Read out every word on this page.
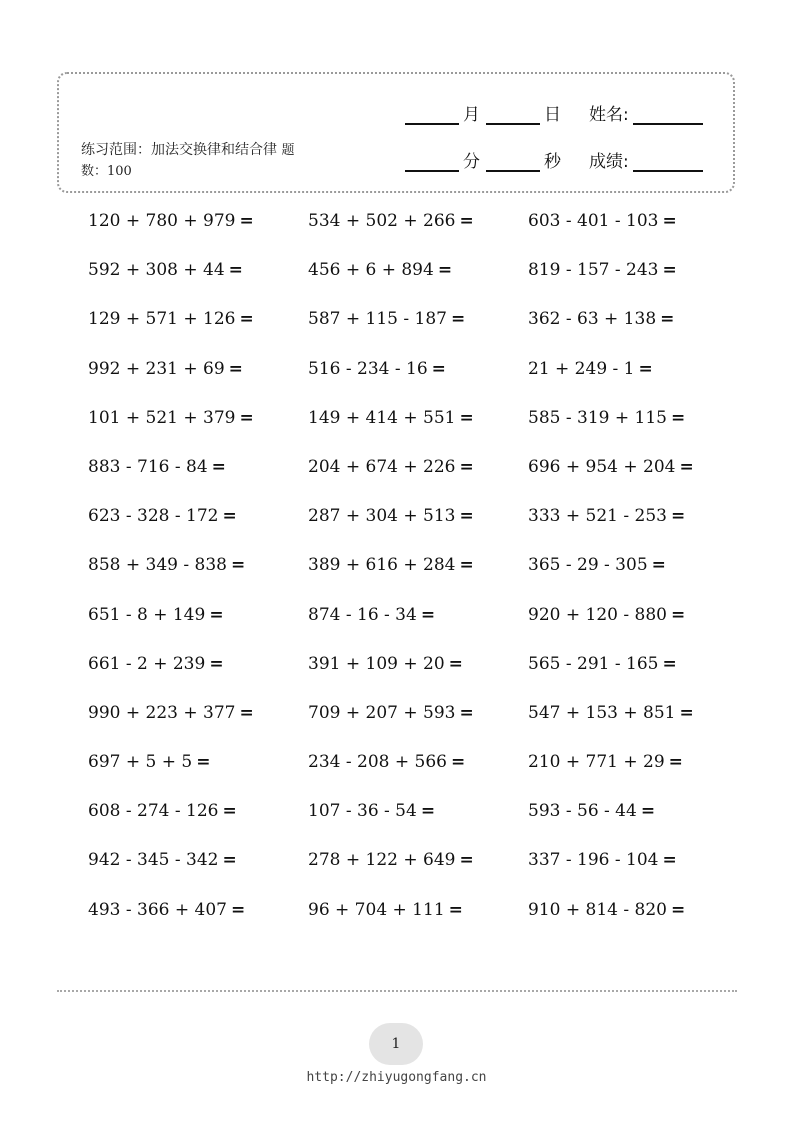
练习范围：加法交换律和结合律 题数：100
月	日 姓名:
分	秒 成绩:
120 + 780 + 979 =	534 + 502 + 266 =	603 - 401 - 103 =
592 + 308 + 44 =	456 + 6 + 894 =	819 - 157 - 243 =
129 + 571 + 126 =	587 + 115 - 187 =	362 - 63 + 138 =
992 + 231 + 69 =	516 - 234 - 16 =	21 + 249 - 1 =
101 + 521 + 379 =	149 + 414 + 551 =	585 - 319 + 115 =
883 - 716 - 84 =	204 + 674 + 226 =	696 + 954 + 204 =
623 - 328 - 172 =	287 + 304 + 513 =	333 + 521 - 253 =
858 + 349 - 838 =	389 + 616 + 284 =	365 - 29 - 305 =
651 - 8 + 149 =	874 - 16 - 34 =	920 + 120 - 880 =
661 - 2 + 239 =	391 + 109 + 20 =	565 - 291 - 165 =
990 + 223 + 377 =	709 + 207 + 593 =	547 + 153 + 851 =
697 + 5 + 5 =	234 - 208 + 566 =	210 + 771 + 29 =
608 - 274 - 126 =	107 - 36 - 54 =	593 - 56 - 44 =
942 - 345 - 342 =	278 + 122 + 649 =	337 - 196 - 104 =
493 - 366 + 407 =	96 + 704 + 111 =	910 + 814 - 820 =
1
http://zhiyugongfang.cn
